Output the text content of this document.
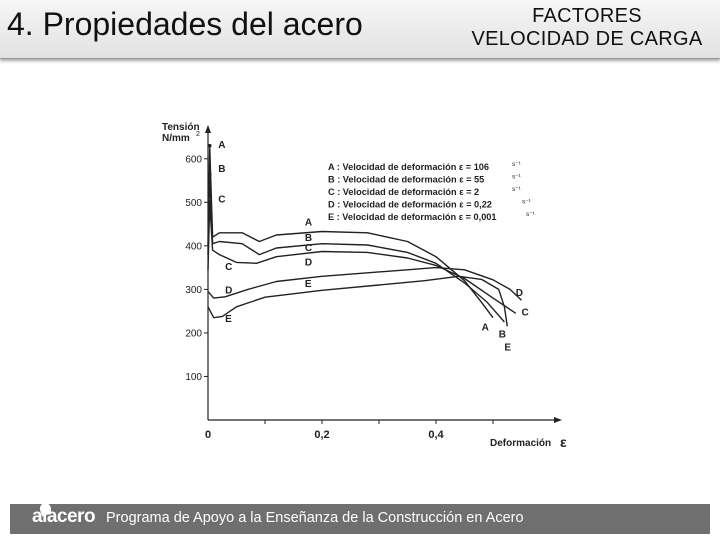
4. Propiedades del acero	FACTORES
VELOCIDAD DE CARGA
600
500
400
300
200
100
0	0,2	0,4
A
A
A
B
B
B
C
C
C
C
D
D	D
E
E
E
Tensión
N/mm 2
Deformación ε
A : Velocidad de deformación ε = 106	s⁻¹
B : Velocidad de deformación ε = 55	s⁻¹
C : Velocidad de deformación ε = 2	s⁻¹
D : Velocidad de deformación ε = 0,22	s⁻¹
E : Velocidad de deformación ε = 0,001	s⁻¹
alacero Programa de Apoyo a la Enseñanza de la Construcción en Acero
